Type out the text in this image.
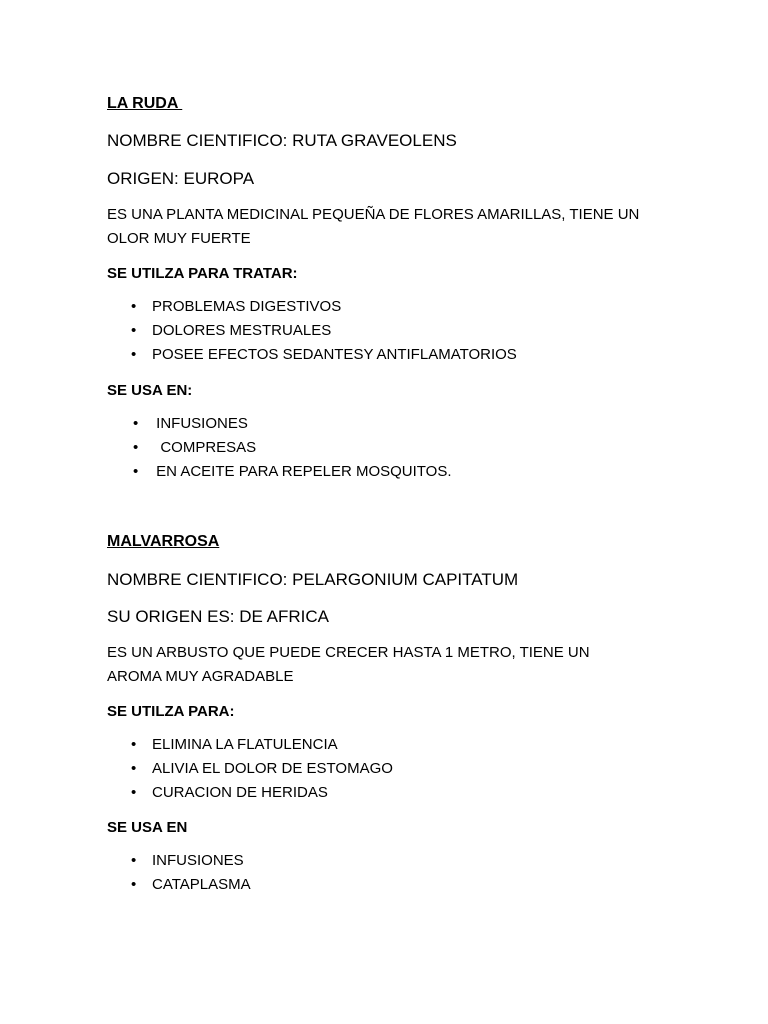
LA RUDA
NOMBRE CIENTIFICO: RUTA GRAVEOLENS
ORIGEN: EUROPA
ES UNA PLANTA MEDICINAL PEQUEÑA DE FLORES AMARILLAS, TIENE UN OLOR MUY FUERTE
SE UTILZA PARA TRATAR:
• PROBLEMAS DIGESTIVOS
• DOLORES MESTRUALES
• POSEE EFECTOS SEDANTESY ANTIFLAMATORIOS
SE USA EN:
• INFUSIONES
• COMPRESAS
• EN ACEITE PARA REPELER MOSQUITOS.
MALVARROSA
NOMBRE CIENTIFICO: PELARGONIUM CAPITATUM
SU ORIGEN ES: DE AFRICA
ES UN ARBUSTO QUE PUEDE CRECER HASTA 1 METRO, TIENE UN AROMA MUY AGRADABLE
SE UTILZA PARA:
• ELIMINA LA FLATULENCIA
• ALIVIA EL DOLOR DE ESTOMAGO
• CURACION DE HERIDAS
SE USA EN
• INFUSIONES
• CATAPLASMA
